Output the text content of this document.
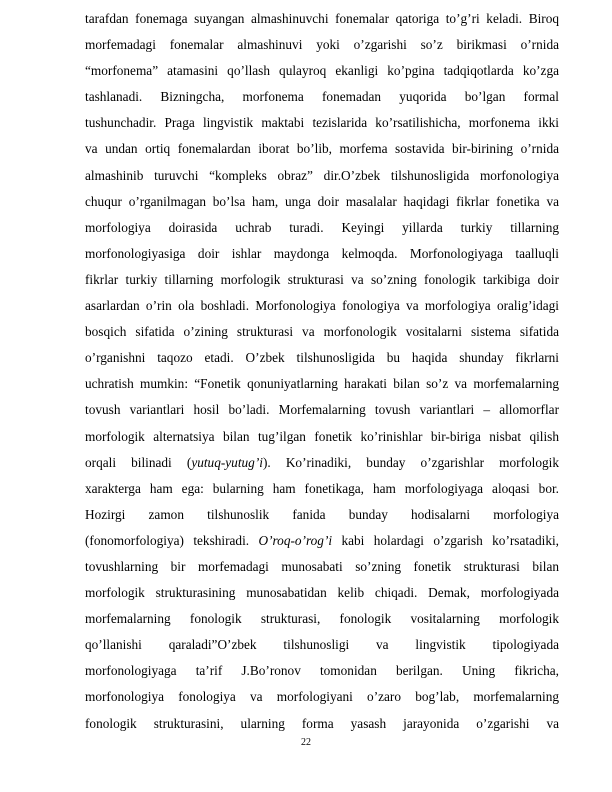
tarafdan fonemaga suyangan almashinuvchi fonemalar qatoriga to’g’ri keladi. Biroq
morfemadagi fonemalar almashinuvi yoki o’zgarishi so’z birikmasi o’rnida
“morfonema” atamasini qo’llash qulayroq ekanligi ko’pgina tadqiqotlarda ko’zga
tashlanadi. Bizningcha, morfonema fonemadan yuqorida bo’lgan formal
tushunchadir. Praga lingvistik maktabi tezislarida ko’rsatilishicha, morfonema ikki
va undan ortiq fonemalardan iborat bo’lib, morfema sostavida bir-birining o’rnida
almashinib turuvchi “kompleks obraz” dir.O’zbek tilshunosligida morfonologiya
chuqur o’rganilmagan bo’lsa ham, unga doir masalalar haqidagi fikrlar fonetika va
morfologiya doirasida uchrab turadi. Keyingi yillarda turkiy tillarning
morfonologiyasiga doir ishlar maydonga kelmoqda. Morfonologiyaga taalluqli
fikrlar turkiy tillarning morfologik strukturasi va so’zning fonologik tarkibiga doir
asarlardan o’rin ola boshladi. Morfonologiya fonologiya va morfologiya oralig’idagi
bosqich sifatida o’zining strukturasi va morfonologik vositalarni sistema sifatida
o’rganishni taqozo etadi. O’zbek tilshunosligida bu haqida shunday fikrlarni
uchratish mumkin: “Fonetik qonuniyatlarning harakati bilan so’z va morfemalarning
tovush variantlari hosil bo’ladi. Morfemalarning tovush variantlari – allomorflar
morfologik alternatsiya bilan tug’ilgan fonetik ko’rinishlar bir-biriga nisbat qilish
orqali bilinadi (yutuq-yutug’i). Ko’rinadiki, bunday o’zgarishlar morfologik
xarakterga ham ega: bularning ham fonetikaga, ham morfologiyaga aloqasi bor.
Hozirgi zamon tilshunoslik fanida bunday hodisalarni morfologiya
(fonomorfologiya) tekshiradi. O’roq-o’rog’i kabi holardagi o’zgarish ko’rsatadiki,
tovushlarning bir morfemadagi munosabati so’zning fonetik strukturasi bilan
morfologik strukturasining munosabatidan kelib chiqadi. Demak, morfologiyada
morfemalarning fonologik strukturasi, fonologik vositalarning morfologik
qo’llanishi qaraladi”O’zbek tilshunosligi va lingvistik tipologiyada
morfonologiyaga ta’rif J.Bo’ronov tomonidan berilgan. Uning fikricha,
morfonologiya fonologiya va morfologiyani o’zaro bog’lab, morfemalarning
fonologik strukturasini, ularning forma yasash jarayonida o’zgarishi va
22
